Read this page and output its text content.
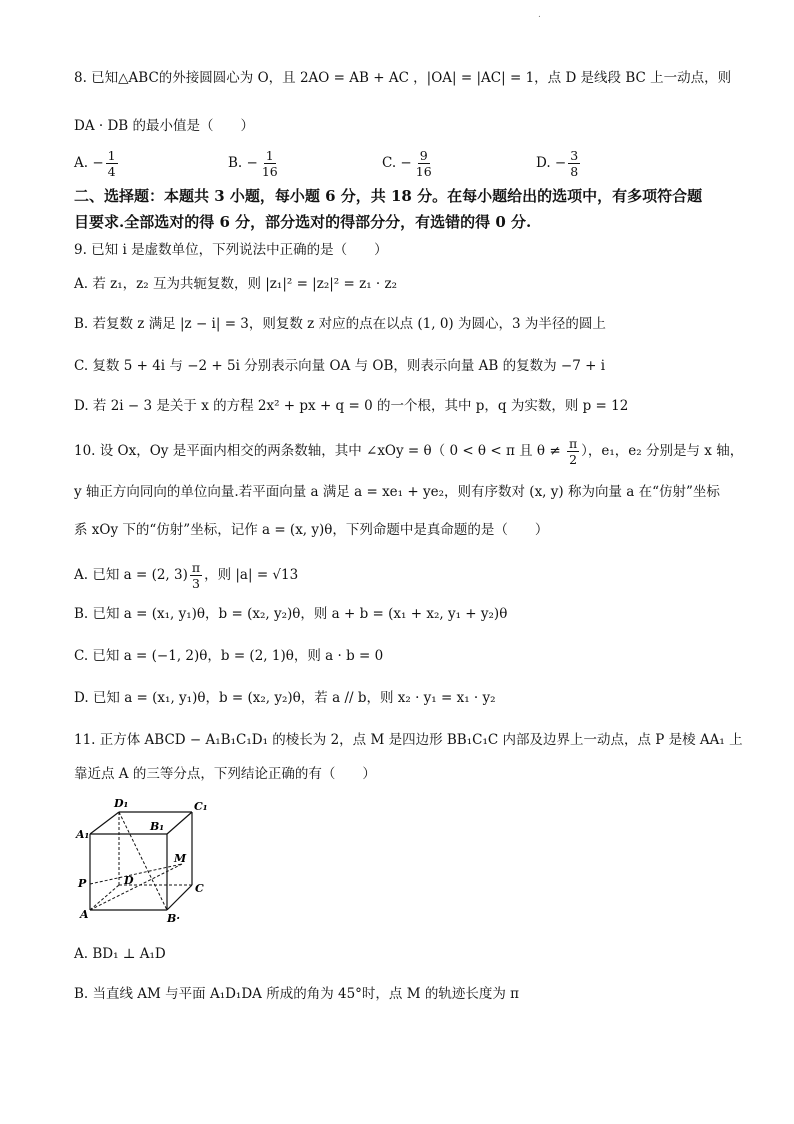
.
8. 已知△ABC的外接圆圆心为 O，且 2AO = AB + AC ，|OA| = |AC| = 1，点 D 是线段 BC 上一动点，则
DA · DB 的最小值是（　　）
A. − $\frac{1}{4}$	B. − $\frac{1}{16}$	C. − $\frac{9}{16}$	D. − $\frac{3}{8}$
二、选择题：本题共 3 小题，每小题 6 分，共 18 分。在每小题给出的选项中，有多项符合题
目要求.全部选对的得 6 分，部分选对的得部分分，有选错的得 0 分.
9. 已知 i 是虚数单位，下列说法中正确的是（　　）
A. 若 z₁，z₂ 互为共轭复数，则 |z₁|² = |z₂|² = z₁ · z₂
B. 若复数 z 满足 |z − i| = 3，则复数 z 对应的点在以点 (1, 0) 为圆心，3 为半径的圆上
C. 复数 5 + 4i 与 −2 + 5i 分别表示向量 OA 与 OB，则表示向量 AB 的复数为 −7 + i
D. 若 2i − 3 是关于 x 的方程 2x² + px + q = 0 的一个根，其中 p，q 为实数，则 p = 12
10. 设 Ox，Oy 是平面内相交的两条数轴，其中 ∠xOy = θ（ 0 < θ < π 且 $\theta \ne \frac{\pi}{2}$ ），e₁，e₂ 分别是与 x 轴，
y 轴正方向同向的单位向量.若平面向量 a 满足 a = xe₁ + ye₂，则有序数对 (x, y) 称为向量 a 在“仿射”坐标
系 xOy 下的“仿射”坐标，记作 a = (x, y)θ，下列命题中是真命题的是（　　）
A. 已知 a = (2, $3) \frac{\pi}{3}$ ，则 |a| = √13
B. 已知 a = (x₁, y₁)θ，b = (x₂, y₂)θ，则 a + b = (x₁ + x₂, y₁ + y₂)θ
C. 已知 a = (−1, 2)θ，b = (2, 1)θ，则 a · b = 0
D. 已知 a = (x₁, y₁)θ，b = (x₂, y₂)θ，若 a // b，则 x₂ · y₁ = x₁ · y₂
11. 正方体 ABCD − A₁B₁C₁D₁ 的棱长为 2，点 M 是四边形 BB₁C₁C 内部及边界上一动点，点 P 是棱 AA₁ 上
靠近点 A 的三等分点，下列结论正确的有（　　）
D₁	C₁
A₁
B₁
M
P	D
C
A	B·
A. BD₁ ⊥ A₁D
B. 当直线 AM 与平面 A₁D₁DA 所成的角为 45°时，点 M 的轨迹长度为 π
